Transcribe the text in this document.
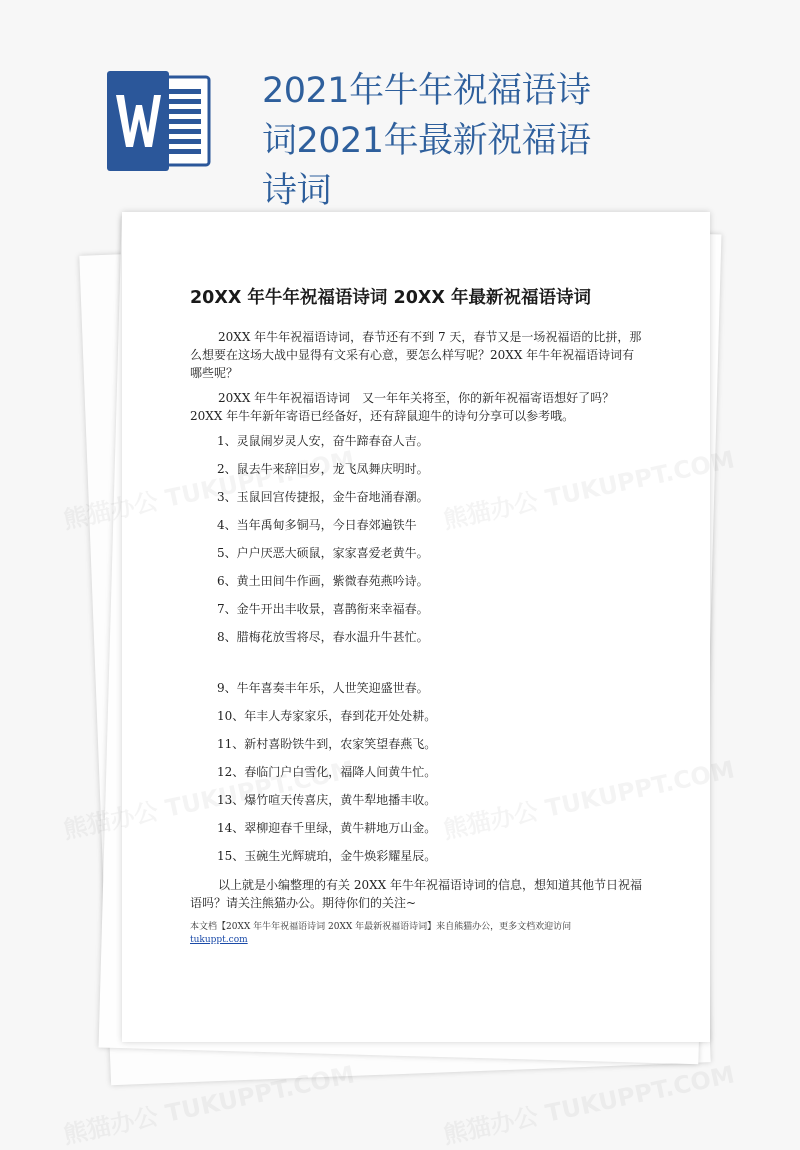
2021年牛年祝福语诗词2021年最新祝福语诗词
20XX 年牛年祝福语诗词 20XX 年最新祝福语诗词
20XX 年牛年祝福语诗词，春节还有不到 7 天，春节又是一场祝福语的比拼，那么想要在这场大战中显得有文采有心意，要怎么样写呢？20XX 年牛年祝福语诗词有哪些呢？
20XX 年牛年祝福语诗词　又一年年关将至，你的新年祝福寄语想好了吗？20XX 年牛年新年寄语已经备好，还有辞鼠迎牛的诗句分享可以参考哦。
1、灵鼠闹岁灵人安，奋牛蹄春奋人吉。
2、鼠去牛来辞旧岁，龙飞凤舞庆明时。
3、玉鼠回宫传捷报，金牛奋地涌春潮。
4、当年禹甸多铜马，今日春郊遍铁牛
5、户户厌恶大硕鼠，家家喜爱老黄牛。
6、黄土田间牛作画，紫微春苑燕吟诗。
7、金牛开出丰收景，喜鹊衔来幸福春。
8、腊梅花放雪将尽，春水温升牛甚忙。
9、牛年喜奏丰年乐，人世笑迎盛世春。
10、年丰人寿家家乐，春到花开处处耕。
11、新村喜盼铁牛到，农家笑望春燕飞。
12、春临门户白雪化，福降人间黄牛忙。
13、爆竹喧天传喜庆，黄牛犁地播丰收。
14、翠柳迎春千里绿，黄牛耕地万山金。
15、玉碗生光辉琥珀，金牛焕彩耀星辰。
以上就是小编整理的有关 20XX 年牛年祝福语诗词的信息，想知道其他节日祝福语吗？请关注熊猫办公。期待你们的关注~
本文档【20XX 年牛年祝福语诗词 20XX 年最新祝福语诗词】来自熊猫办公，更多文档欢迎访问
tukuppt.com
